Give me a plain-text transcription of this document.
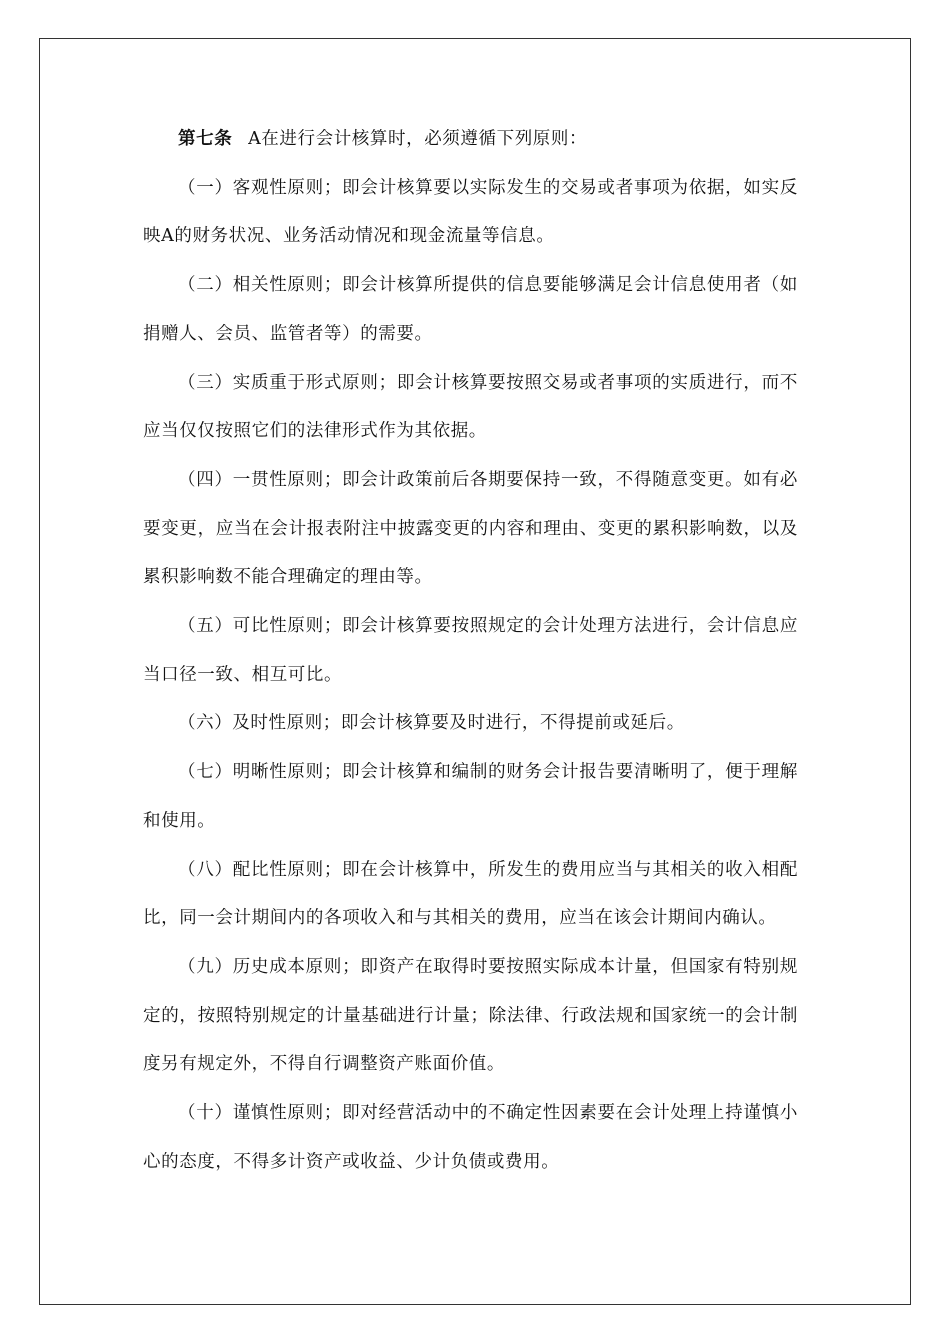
第七条 A在进行会计核算时，必须遵循下列原则：

（一）客观性原则；即会计核算要以实际发生的交易或者事项为依据，如实反映A的财务状况、业务活动情况和现金流量等信息。

（二）相关性原则；即会计核算所提供的信息要能够满足会计信息使用者（如捐赠人、会员、监管者等）的需要。

（三）实质重于形式原则；即会计核算要按照交易或者事项的实质进行，而不应当仅仅按照它们的法律形式作为其依据。

（四）一贯性原则；即会计政策前后各期要保持一致，不得随意变更。如有必要变更，应当在会计报表附注中披露变更的内容和理由、变更的累积影响数，以及累积影响数不能合理确定的理由等。

（五）可比性原则；即会计核算要按照规定的会计处理方法进行，会计信息应当口径一致、相互可比。

（六）及时性原则；即会计核算要及时进行，不得提前或延后。

（七）明晰性原则；即会计核算和编制的财务会计报告要清晰明了，便于理解和使用。

（八）配比性原则；即在会计核算中，所发生的费用应当与其相关的收入相配比，同一会计期间内的各项收入和与其相关的费用，应当在该会计期间内确认。

（九）历史成本原则；即资产在取得时要按照实际成本计量，但国家有特别规定的，按照特别规定的计量基础进行计量；除法律、行政法规和国家统一的会计制度另有规定外，不得自行调整资产账面价值。

（十）谨慎性原则；即对经营活动中的不确定性因素要在会计处理上持谨慎小心的态度，不得多计资产或收益、少计负债或费用。
